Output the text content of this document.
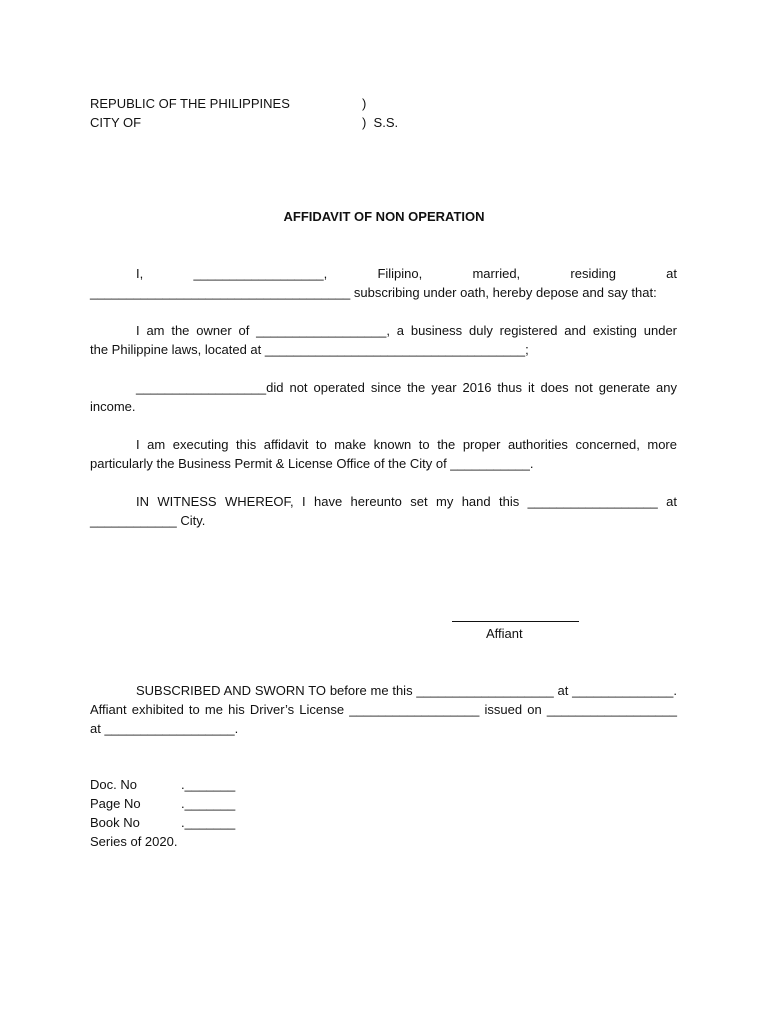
REPUBLIC OF THE PHILIPPINES	)
CITY OF	)  S.S.
AFFIDAVIT OF NON OPERATION
I, __________________, Filipino, married, residing at
____________________________________ subscribing under oath, hereby depose and say that:
I am the owner of __________________, a business duly registered and existing under
the Philippine laws, located at ____________________________________;
__________________did not operated since the year 2016 thus it does not generate any
income.
I am executing this affidavit to make known to the proper authorities concerned, more
particularly the Business Permit & License Office of the City of ___________.
IN WITNESS WHEREOF, I have hereunto set my hand this __________________ at
____________ City.
Affiant
SUBSCRIBED AND SWORN TO before me this ___________________ at ______________.
Affiant exhibited to me his Driver’s License __________________ issued on __________________
at __________________.
Doc. No	._______
Page No	._______
Book No	._______
Series of 2020.
